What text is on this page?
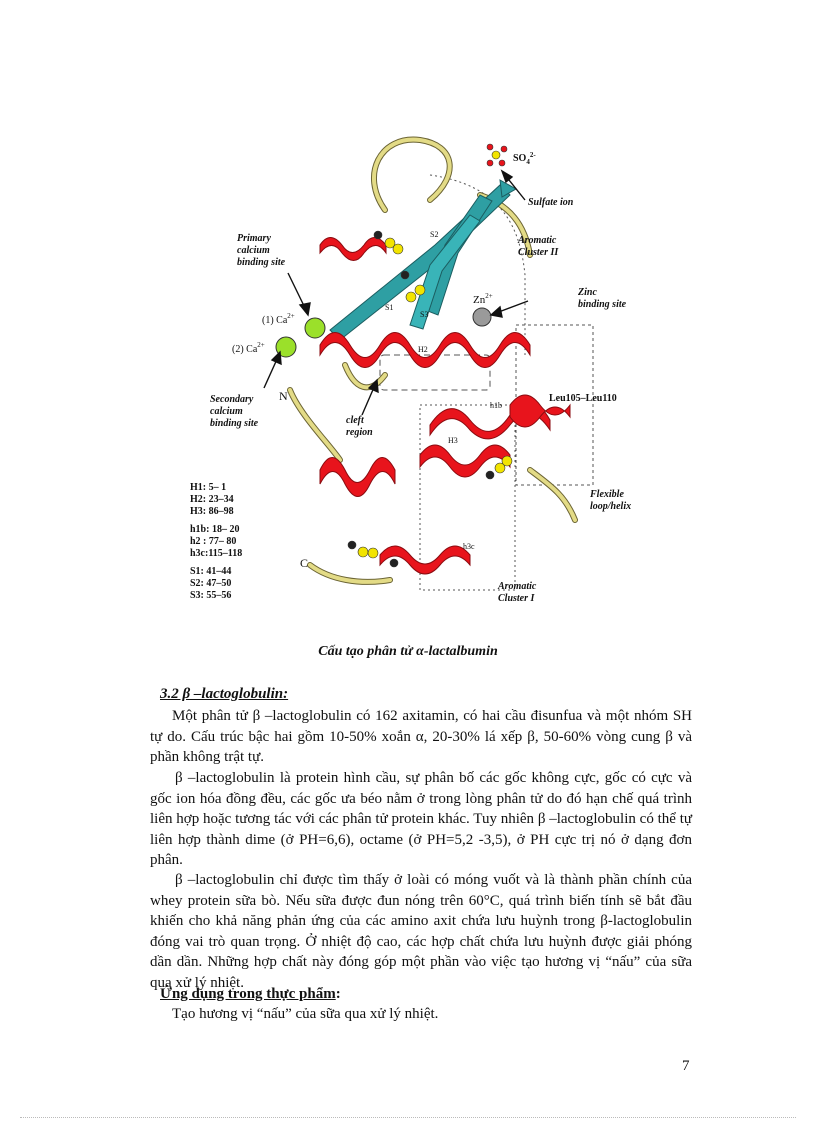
$SO_4^{2-}$
Sulfate ion
Aromatic
Cluster II
Primary
calcium
binding site
$Zn^{2+}$	Zinc
binding site
(1) $Ca^{2+}$
(2) $Ca^{2+}$
Secondary
calcium
binding site
N
C
cleft
region
Leu105–Leu110
Flexible
loop/helix
Aromatic
Cluster I
S2
S3
S1
h1b
H2
H3
h3c
H1: 5– 1
H2: 23–34
H3: 86–98
h1b: 18– 20
h2 : 77– 80
h3c:115–118
S1: 41–44
S2: 47–50
S3: 55–56
Cấu tạo phân tử α-lactalbumin
3.2 β –lactoglobulin:

Một phân tử β –lactoglobulin có 162 axitamin, có hai cầu đisunfua và một nhóm SH tự do. Cấu trúc bậc hai gồm 10-50% xoắn α, 20-30% lá xếp β, 50-60% vòng cung β và phần không trật tự.

β –lactoglobulin là protein hình cầu, sự phân bố các gốc không cực, gốc có cực và gốc ion hóa đồng đều, các gốc ưa béo nằm ở trong lòng phân tử do đó hạn chế quá trình liên hợp hoặc tương tác với các phân tử protein khác. Tuy nhiên β –lactoglobulin có thể tự liên hợp thành dime (ở PH=6,6), octame (ở PH=5,2 -3,5), ở PH cực trị nó ở dạng đơn phân.

β –lactoglobulin chỉ được tìm thấy ở loài có móng vuốt và là thành phần chính của whey protein sữa bò. Nếu sữa được đun nóng trên 60°C, quá trình biến tính sẽ bắt đầu khiến cho khả năng phản ứng của các amino axit chứa lưu huỳnh trong β-lactoglobulin đóng vai trò quan trọng. Ở nhiệt độ cao, các hợp chất chứa lưu huỳnh được giải phóng dần dần. Những hợp chất này đóng góp một phần vào việc tạo hương vị “nấu” của sữa qua xử lý nhiệt.

Ứng dụng trong thực phẩm:
Tạo hương vị “nấu” của sữa qua xử lý nhiệt.
7
